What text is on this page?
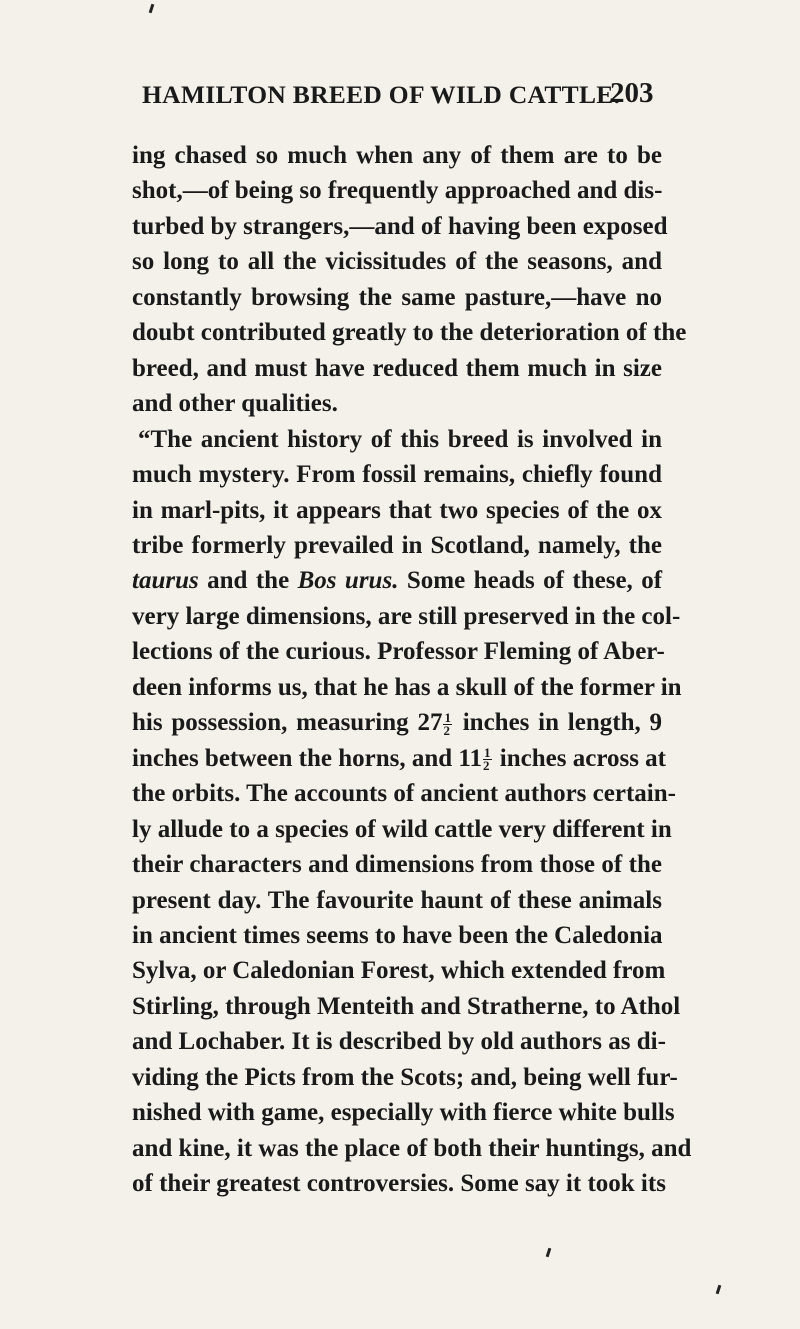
HAMILTON BREED OF WILD CATTLE.
203
ing chased so much when any of them are to be
shot,—of being so frequently approached and dis-
turbed by strangers,—and of having been exposed
so long to all the vicissitudes of the seasons, and
constantly browsing the same pasture,—have no
doubt contributed greatly to the deterioration of the
breed, and must have reduced them much in size
and other qualities.
“The ancient history of this breed is involved in
much mystery. From fossil remains, chiefly found
in marl-pits, it appears that two species of the ox
tribe formerly prevailed in Scotland, namely, the
taurus and the Bos urus. Some heads of these, of
very large dimensions, are still preserved in the col-
lections of the curious. Professor Fleming of Aber-
deen informs us, that he has a skull of the former in
his possession, measuring $27 \frac{1}{2}$ inches in length, 9
inches between the horns, and $11 \frac{1}{2}$ inches across at
the orbits. The accounts of ancient authors certain-
ly allude to a species of wild cattle very different in
their characters and dimensions from those of the
present day. The favourite haunt of these animals
in ancient times seems to have been the Caledonia
Sylva, or Caledonian Forest, which extended from
Stirling, through Menteith and Stratherne, to Athol
and Lochaber. It is described by old authors as di-
viding the Picts from the Scots; and, being well fur-
nished with game, especially with fierce white bulls
and kine, it was the place of both their huntings, and
of their greatest controversies. Some say it took its
